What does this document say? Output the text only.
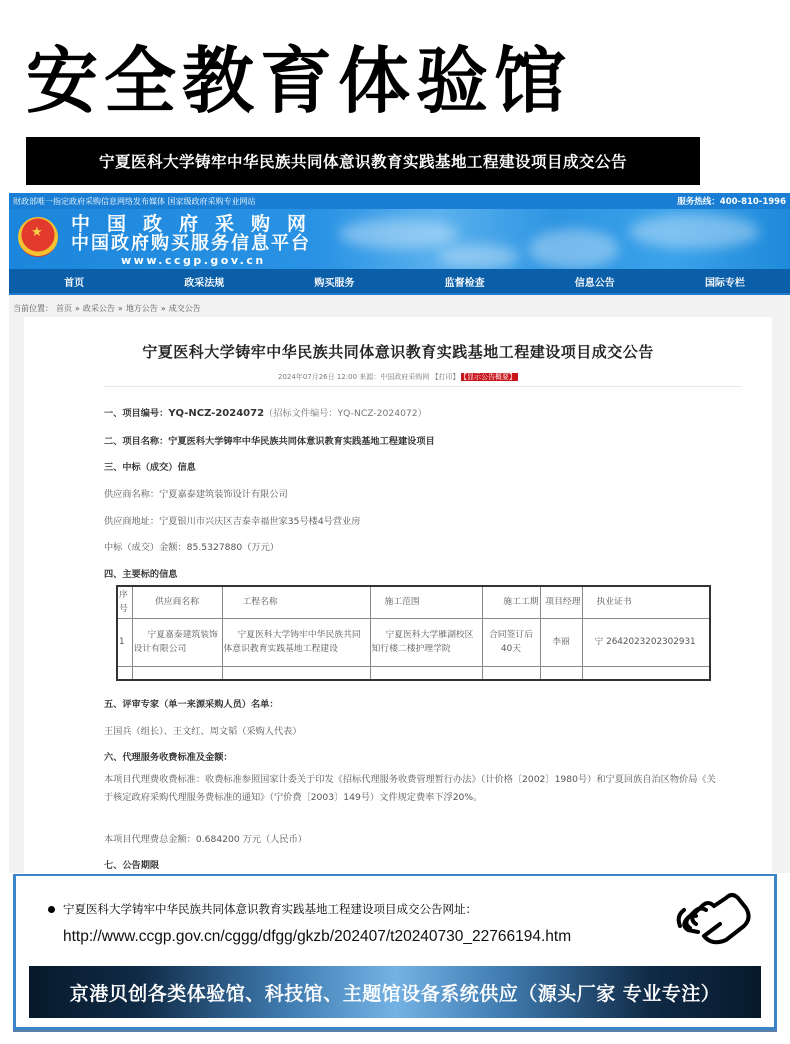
安全教育体验馆
宁夏医科大学铸牢中华民族共同体意识教育实践基地工程建设项目成交公告
财政部唯一指定政府采购信息网络发布媒体 国家级政府采购专业网站	服务热线：400-810-1996
★
中国政府采购网
中国政府购买服务信息平台
www.ccgp.gov.cn
首页	政采法规	购买服务	监督检查	信息公告	国际专栏
当前位置： 首页 » 政采公告 » 地方公告 » 成交公告
宁夏医科大学铸牢中华民族共同体意识教育实践基地工程建设项目成交公告
2024年07月26日 12:00 来源：中国政府采购网 【打印】 【显示公告概要】
一、项目编号：YQ-NCZ-2024072（招标文件编号：YQ-NCZ-2024072）
二、项目名称：宁夏医科大学铸牢中华民族共同体意识教育实践基地工程建设项目
三、中标（成交）信息
供应商名称：宁夏嘉泰建筑装饰设计有限公司
供应商地址：宁夏银川市兴庆区吉泰幸福世家35号楼4号营业房
中标（成交）金额：85.5327880（万元）
四、主要标的信息
序号	供应商名称	工程名称	施工范围	施工工期	项目经理	执业证书
1	宁夏嘉泰建筑装饰设计有限公司	宁夏医科大学铸牢中华民族共同体意识教育实践基地工程建设	宁夏医科大学雁湖校区知行楼二楼护理学院	合同签订后40天	李丽	宁 2642023202302931

五、评审专家（单一来源采购人员）名单：
王国兵（组长）、王文红、周文韬（采购人代表）
六、代理服务收费标准及金额：
本项目代理费收费标准：收费标准参照国家计委关于印发《招标代理服务收费管理暂行办法》（计价格〔2002〕1980号）和宁夏回族自治区物价局《关于核定政府采购代理服务费标准的通知》（宁价费〔2003〕149号）文件规定费率下浮20%。
本项目代理费总金额：0.684200 万元（人民币）
七、公告期限
宁夏医科大学铸牢中华民族共同体意识教育实践基地工程建设项目成交公告网址：
http://www.ccgp.gov.cn/cggg/dfgg/gkzb/202407/t20240730_22766194.htm
京港贝创各类体验馆、科技馆、主题馆设备系统供应（源头厂家 专业专注）
